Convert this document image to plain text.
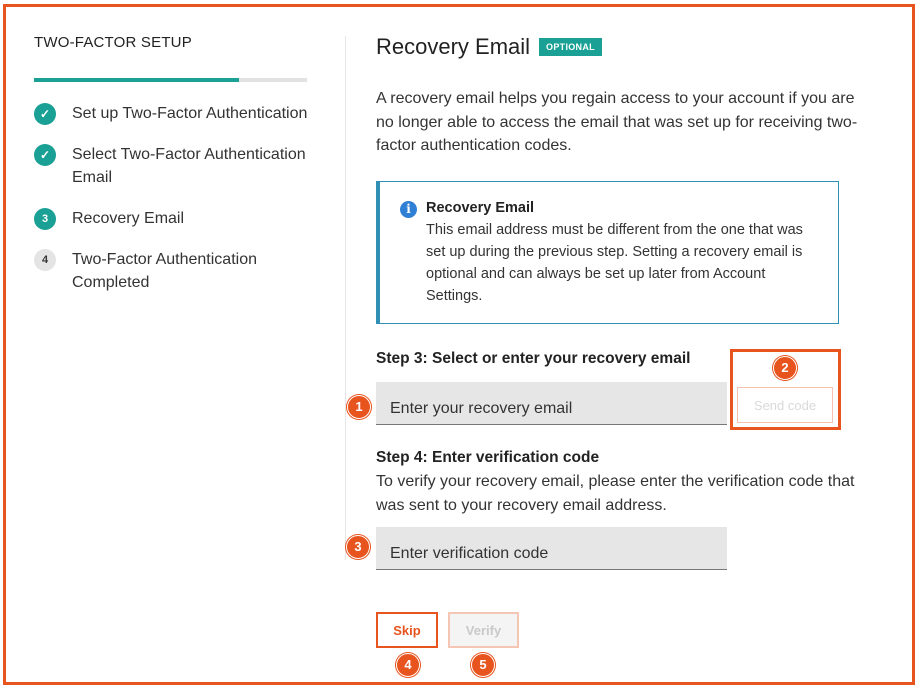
TWO-FACTOR SETUP
✓	Set up Two-Factor Authentication
✓	Select Two-Factor Authentication Email
3	Recovery Email
4	Two-Factor Authentication Completed
Recovery Email	OPTIONAL
A recovery email helps you regain access to your account if you are no longer able to access the email that was set up for receiving two-factor authentication codes.
i	Recovery Email
This email address must be different from the one that was set up during the previous step. Setting a recovery email is optional and can always be set up later from Account Settings.
Step 3: Select or enter your recovery email
Enter your recovery email
Send code
Step 4: Enter verification code
To verify your recovery email, please enter the verification code that was sent to your recovery email address.
Enter verification code
Skip	Verify
1
2
3
4	5
